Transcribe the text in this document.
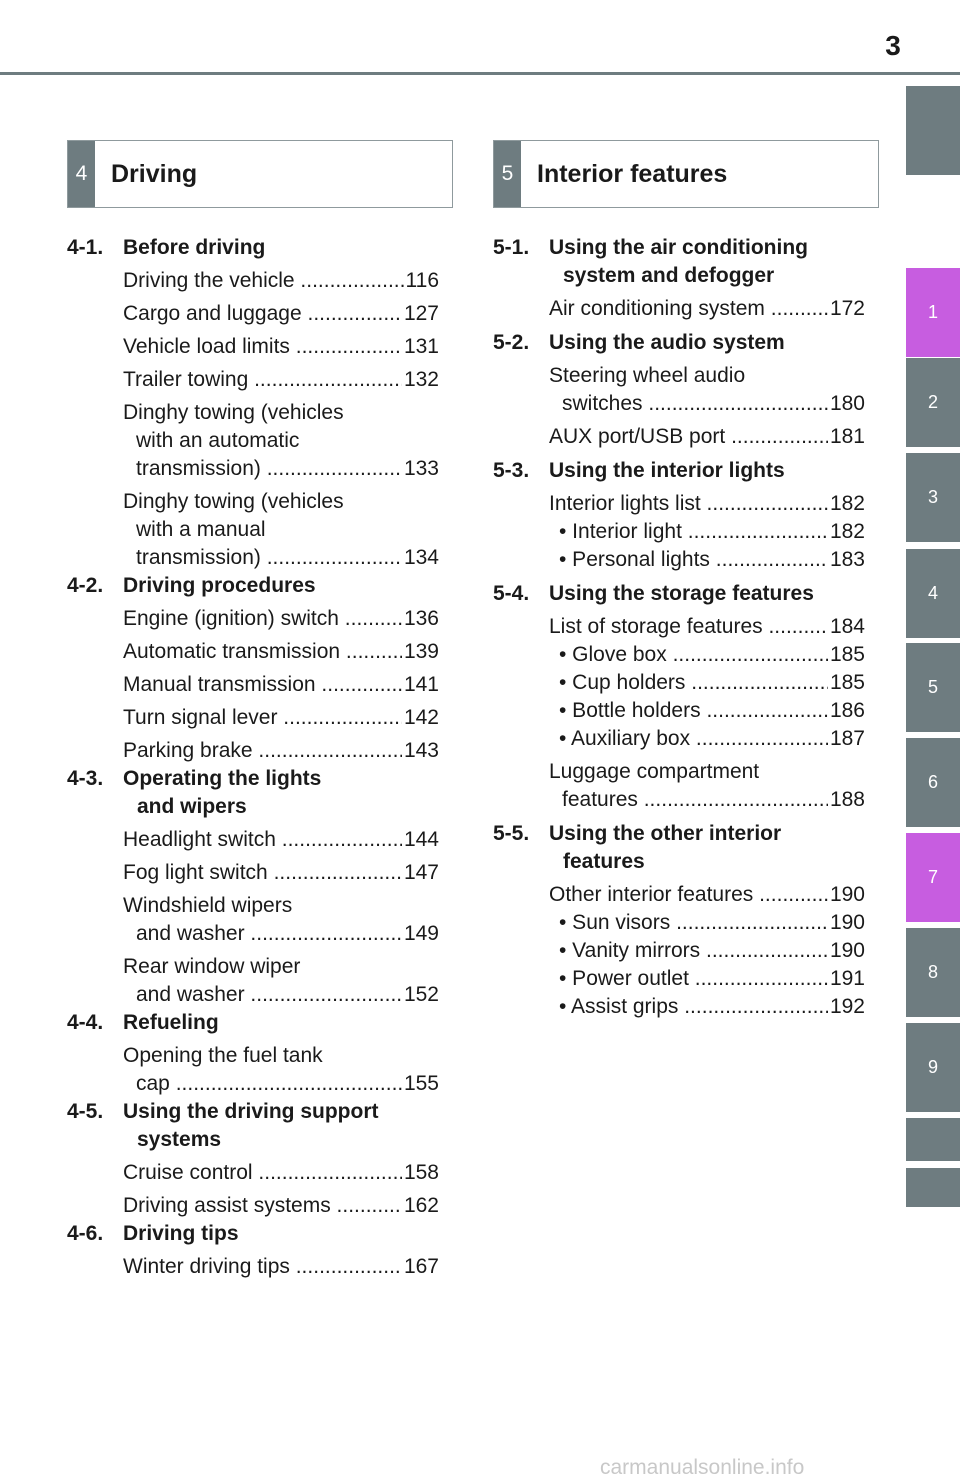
3
1
2
3
4
5
6
7
8
9
4 Driving	5 Interior features
4-1. Before driving
Driving the vehicle .....	116
Cargo and luggage .....	127
Vehicle load limits .....	131
Trailer towing .....	132
Dinghy towing (vehicles
with an automatic
transmission) .....	133
Dinghy towing (vehicles
with a manual
transmission) .....	134
4-2. Driving procedures
Engine (ignition) switch .....	136
Automatic transmission .....	139
Manual transmission .....	141
Turn signal lever .....	142
Parking brake .....	143
4-3. Operating the lights
and wipers
Headlight switch .....	144
Fog light switch .....	147
Windshield wipers
and washer .....	149
Rear window wiper
and washer .....	152
4-4. Refueling
Opening the fuel tank
cap .....	155
4-5. Using the driving support
systems
Cruise control .....	158
Driving assist systems .....	162
4-6. Driving tips
Winter driving tips .....	167
5-1. Using the air conditioning
system and defogger
Air conditioning system .....	172
5-2. Using the audio system
Steering wheel audio
switches .....	180
AUX port/USB port .....	181
5-3. Using the interior lights
Interior lights list .....	182
• Interior light .....	182
• Personal lights .....	183
5-4. Using the storage features
List of storage features .....	184
• Glove box .....	185
• Cup holders .....	185
• Bottle holders .....	186
• Auxiliary box .....	187
Luggage compartment
features .....	188
5-5. Using the other interior
features
Other interior features .....	190
• Sun visors .....	190
• Vanity mirrors .....	190
• Power outlet .....	191
• Assist grips .....	192
carmanualsonline.info
